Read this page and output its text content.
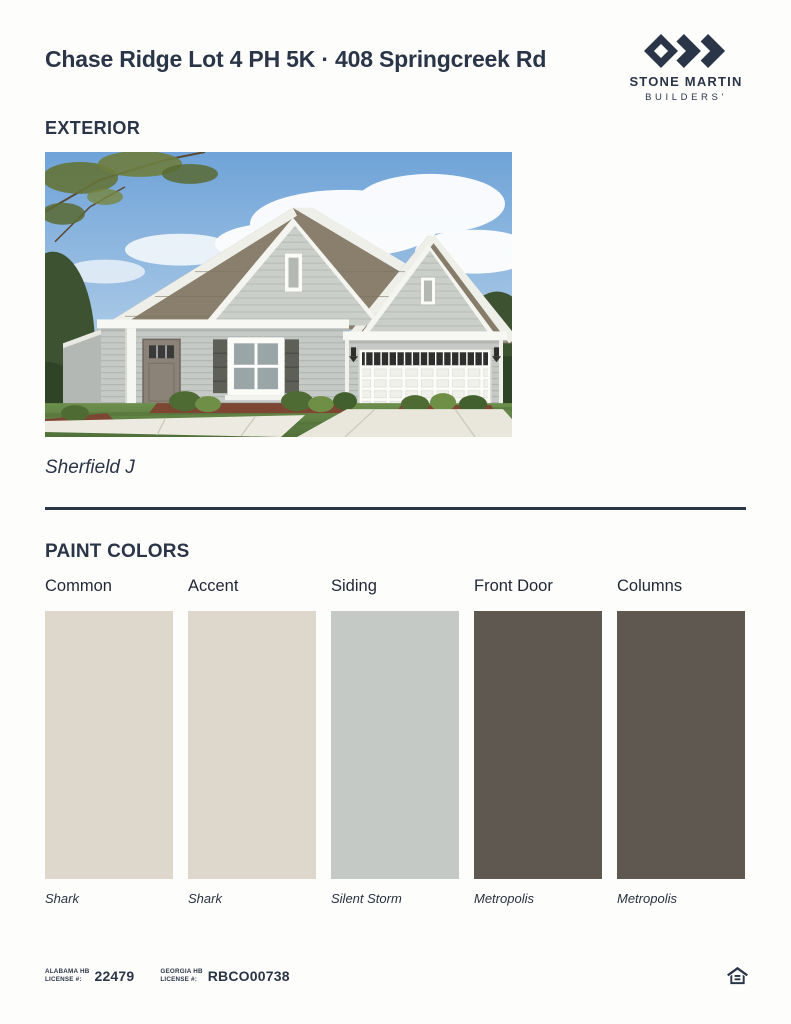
Chase Ridge Lot 4 PH 5K · 408 Springcreek Rd
STONE MARTIN
BUILDERS'
EXTERIOR
Sherfield J
PAINT COLORS
Common
Shark
Accent
Shark
Siding
Silent Storm
Front Door
Metropolis
Columns
Metropolis
ALABAMA HB
LICENSE #: 22479	GEORGIA HB
LICENSE #: RBCO00738
